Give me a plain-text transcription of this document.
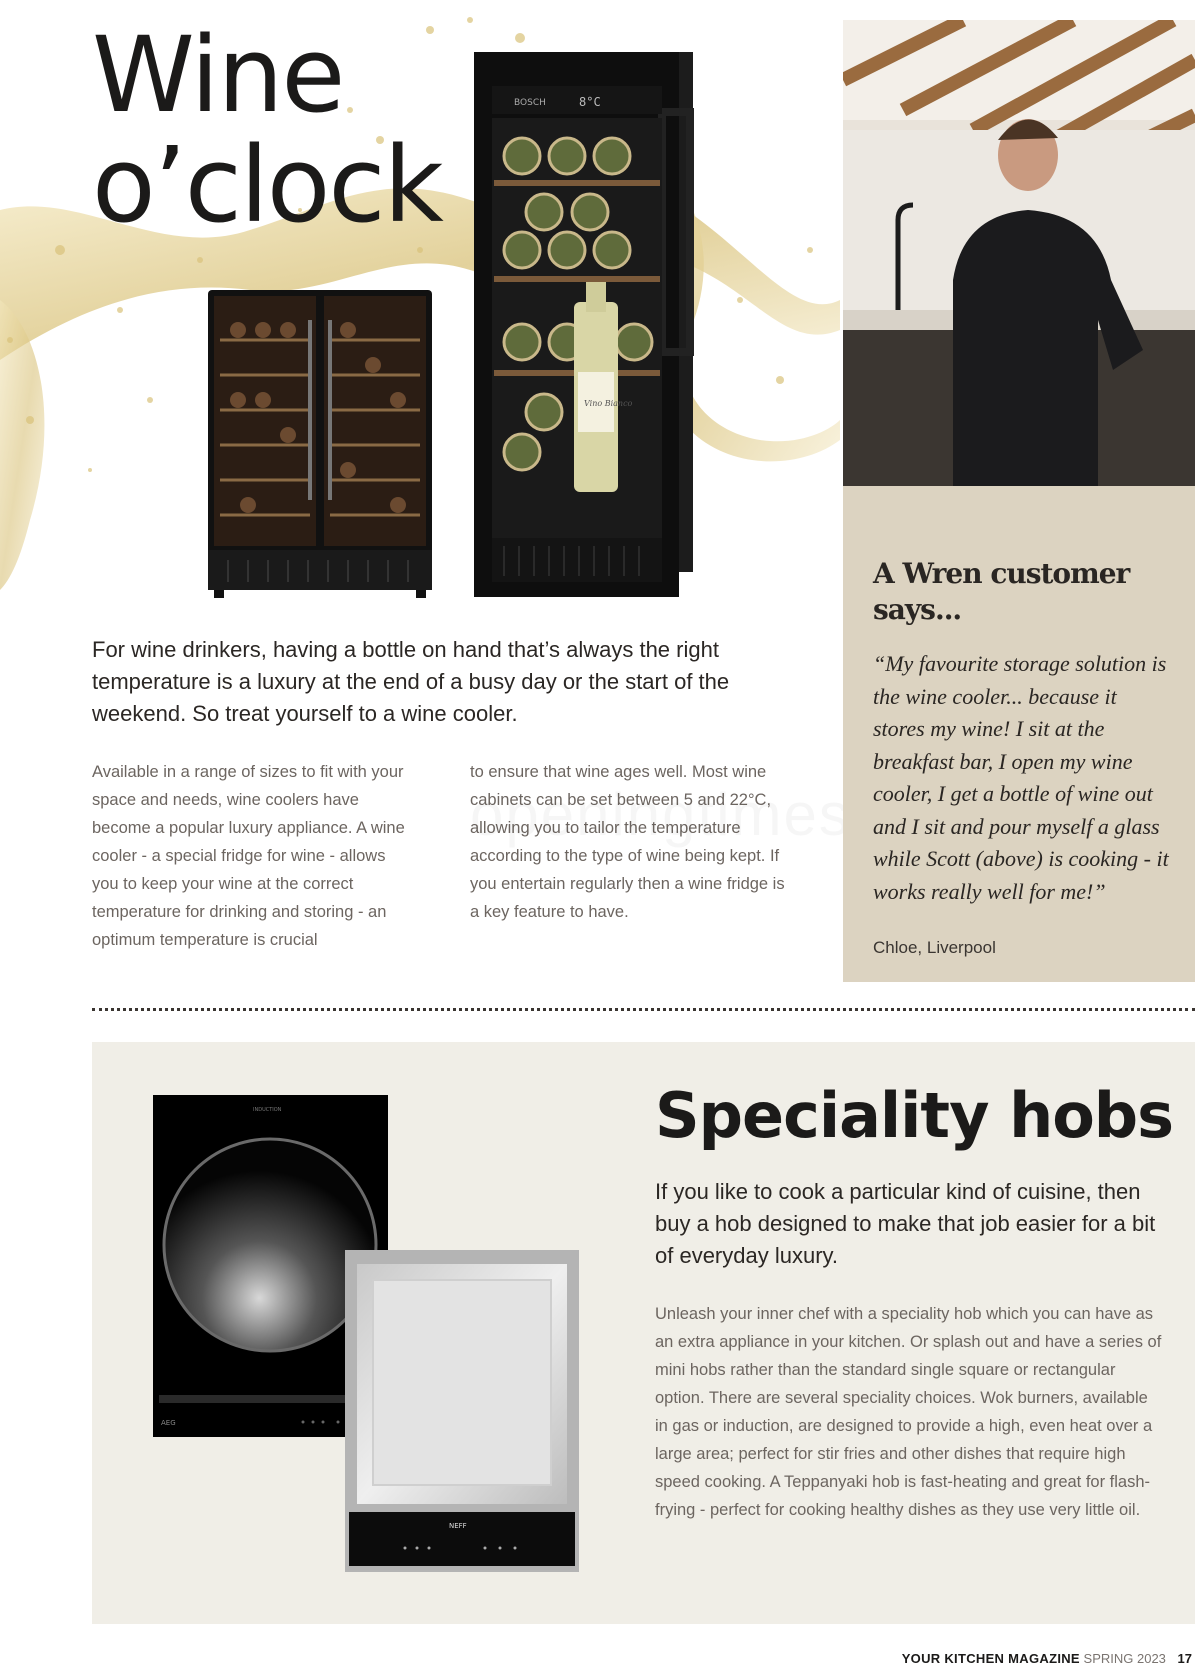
Wine
o’clock
BOSCH	8°C
Vino Bianco

For wine drinkers, having a bottle on hand that’s always the right temperature is a luxury at the end of a busy day or the start of the weekend. So treat yourself to a wine cooler.

Available in a range of sizes to fit with your space and needs, wine coolers have become a popular luxury appliance. A wine cooler - a special fridge for wine - allows you to keep your wine at the correct temperature for drinking and storing - an optimum temperature is crucial

to ensure that wine ages well. Most wine cabinets can be set between 5 and 22°C, allowing you to tailor the temperature according to the type of wine being kept. If you entertain regularly then a wine fridge is a key feature to have.

A Wren customer says...

“My favourite storage solution is the wine cooler... because it stores my wine! I sit at the breakfast bar, I open my wine cooler, I get a bottle of wine out and I sit and pour myself a glass while Scott (above) is cooking - it works really well for me!”

Chloe, Liverpool

INDUCTION
AEG
NEFF
Speciality hobs

If you like to cook a particular kind of cuisine, then buy a hob designed to make that job easier for a bit of everyday luxury.

Unleash your inner chef with a speciality hob which you can have as an extra appliance in your kitchen. Or splash out and have a series of mini hobs rather than the standard single square or rectangular option. There are several speciality choices. Wok burners, available in gas or induction, are designed to provide a high, even heat over a large area; perfect for stir fries and other dishes that require high speed cooking. A Teppanyaki hob is fast-heating and great for flash-frying - perfect for cooking healthy dishes as they use very little oil.

YOUR KITCHEN MAGAZINE SPRING 2023 17
